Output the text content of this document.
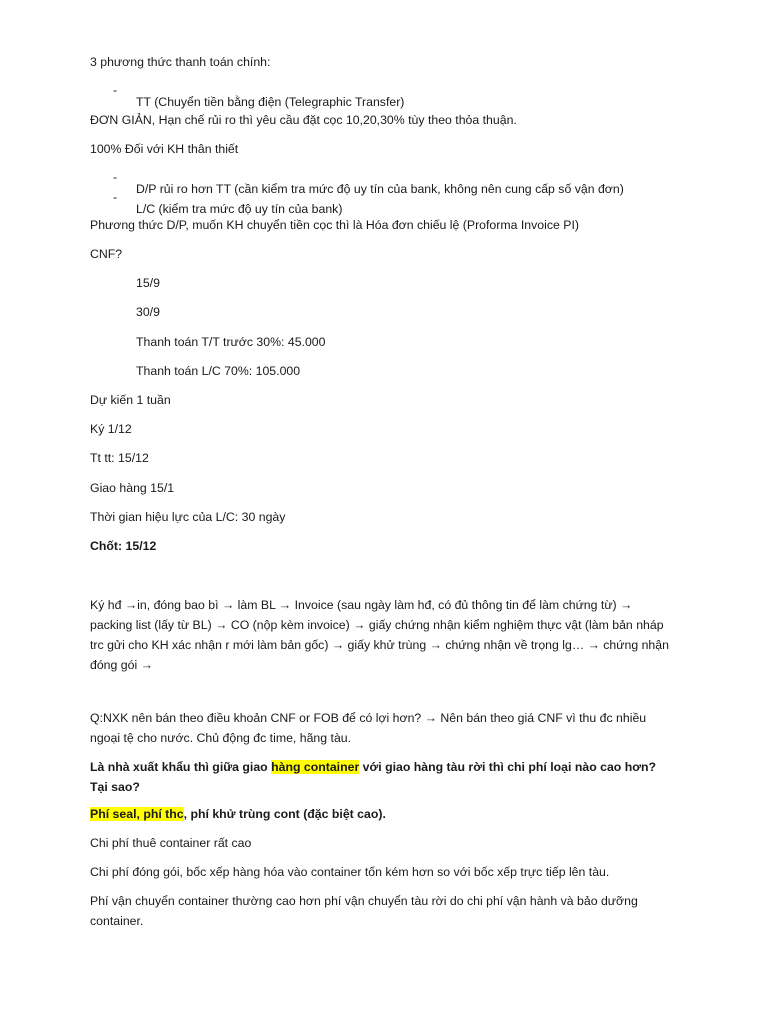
3 phương thức thanh toán chính:

-

TT (Chuyển tiền bằng điện (Telegraphic Transfer)

ĐƠN GIẢN, Hạn chế rủi ro thì yêu cầu đặt cọc 10,20,30% tùy theo thỏa thuận.

100% Đối với KH thân thiết

-

D/P rủi ro hơn TT (cần kiểm tra mức độ uy tín của bank, không nên cung cấp số vận đơn)

-

L/C (kiểm tra mức độ uy tín của bank)

Phương thức D/P, muốn KH chuyển tiền cọc thì là Hóa đơn chiếu lệ (Proforma Invoice PI)

CNF?

15/9

30/9

Thanh toán T/T trước 30%: 45.000

Thanh toán L/C 70%: 105.000

Dự kiến 1 tuần

Ký 1/12

Tt tt: 15/12

Giao hàng 15/1

Thời gian hiệu lực của L/C: 30 ngày

Chốt: 15/12

Ký hđ →in, đóng bao bì → làm BL → Invoice (sau ngày làm hđ, có đủ thông tin để làm chứng từ) → packing list (lấy từ BL) → CO (nộp kèm invoice) → giấy chứng nhận kiểm nghiệm thực vật (làm bản nháp trc gửi cho KH xác nhận r mới làm bản gốc) → giấy khử trùng → chứng nhận về trọng lg… → chứng nhận đóng gói →

Q:NXK nên bán theo điều khoản CNF or FOB để có lợi hơn? → Nên bán theo giá CNF vì thu đc nhiều ngoại tệ cho nước. Chủ động đc time, hãng tàu.

Là nhà xuất khẩu thì giữa giao hàng container với giao hàng tàu rời thì chi phí loại nào cao hơn? Tại sao?

Phí seal, phí thc, phí khử trùng cont (đặc biệt cao).

Chi phí thuê container rất cao

Chi phí đóng gói, bốc xếp hàng hóa vào container tốn kém hơn so với bốc xếp trực tiếp lên tàu.

Phí vận chuyển container thường cao hơn phí vận chuyển tàu rời do chi phí vận hành và bảo dưỡng container.
